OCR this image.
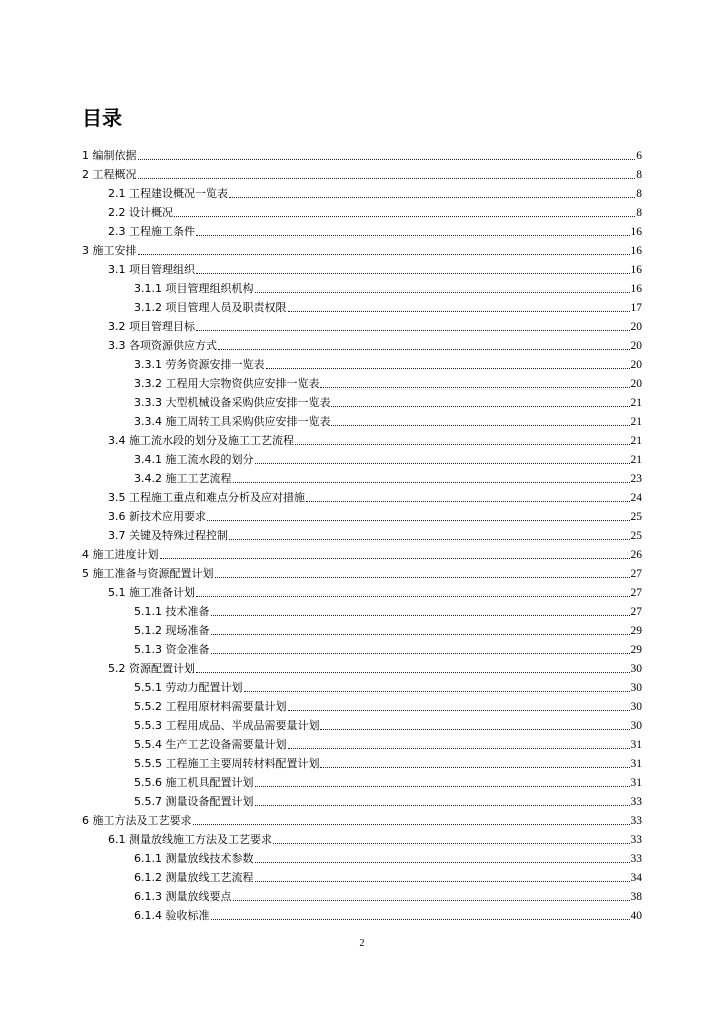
目录
1 编制依据	6
2 工程概况	8
2.1 工程建设概况一览表	8
2.2 设计概况	8
2.3 工程施工条件	16
3 施工安排	16
3.1 项目管理组织	16
3.1.1 项目管理组织机构	16
3.1.2 项目管理人员及职责权限	17
3.2 项目管理目标	20
3.3 各项资源供应方式	20
3.3.1 劳务资源安排一览表	20
3.3.2 工程用大宗物资供应安排一览表	20
3.3.3 大型机械设备采购供应安排一览表	21
3.3.4 施工周转工具采购供应安排一览表	21
3.4 施工流水段的划分及施工工艺流程	21
3.4.1 施工流水段的划分	21
3.4.2 施工工艺流程	23
3.5 工程施工重点和难点分析及应对措施	24
3.6 新技术应用要求	25
3.7 关键及特殊过程控制	25
4 施工进度计划	26
5 施工准备与资源配置计划	27
5.1 施工准备计划	27
5.1.1 技术准备	27
5.1.2 现场准备	29
5.1.3 资金准备	29
5.2 资源配置计划	30
5.5.1 劳动力配置计划	30
5.5.2 工程用原材料需要量计划	30
5.5.3 工程用成品、半成品需要量计划	30
5.5.4 生产工艺设备需要量计划	31
5.5.5 工程施工主要周转材料配置计划	31
5.5.6 施工机具配置计划	31
5.5.7 测量设备配置计划	33
6 施工方法及工艺要求	33
6.1 测量放线施工方法及工艺要求	33
6.1.1 测量放线技术参数	33
6.1.2 测量放线工艺流程	34
6.1.3 测量放线要点	38
6.1.4 验收标准	40
2
